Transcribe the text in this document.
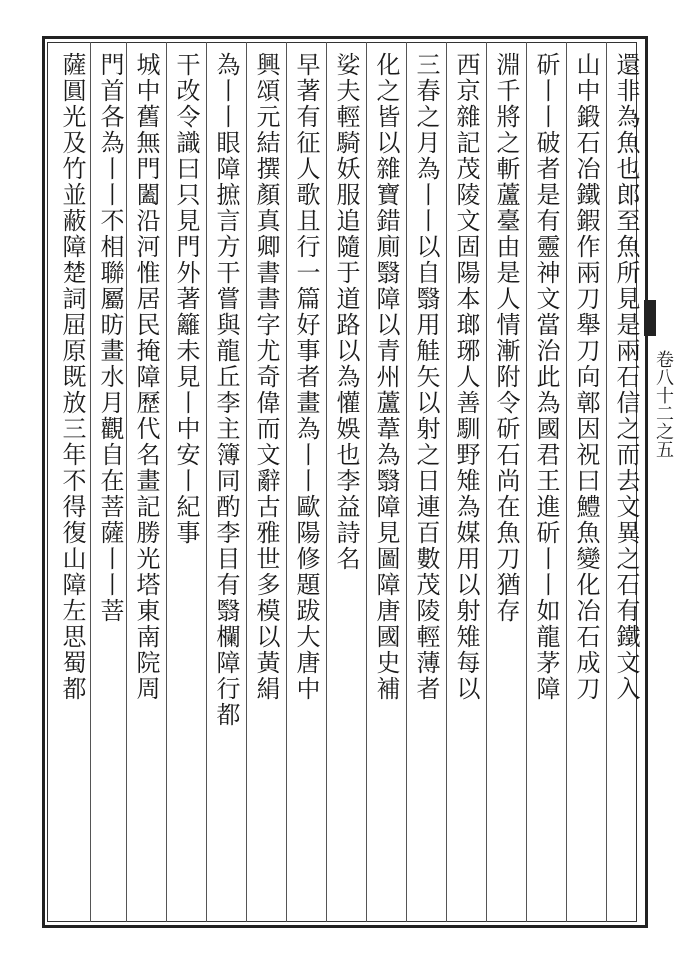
還非為魚也郎至魚所見是兩石信之而去文異之石有鐵文入
山中鍛石冶鐵鍜作兩刀舉刀向鄣因祝曰鱧魚變化冶石成刀
斫丨丨破者是有靈神文當治此為國君王進斫丨丨如龍茅障
淵千將之斬蘆臺由是人情漸附令斫石尚在魚刀猶存
西京雜記茂陵文固陽本瑯琊人善馴野雉為媒用以射雉每以
三春之月為丨丨以自翳用觟矢以射之日連百數茂陵輕薄者
化之皆以雜寶錯廁翳障以青州蘆葦為翳障見圖障唐國史補
娑夫輕騎妖服追隨于道路以為懽娛也李益詩名
早著有征人歌且行一篇好事者畫為丨丨歐陽修題跋大唐中
興頌元結撰顏真卿書書字尤奇偉而文辭古雅世多模以黃絹
為丨丨眼障摭言方干嘗與龍丘李主簿同酌李目有翳欄障行都
干改令識曰只見門外著籬未見丨中安丨紀事
城中舊無門闔沿河惟居民掩障歷代名畫記勝光塔東南院周
門首各為丨丨不相聯屬昉畫水月觀自在菩薩丨丨菩
薩圓光及竹並蔽障楚詞屈原既放三年不得復山障左思蜀都	卷八十二之五
